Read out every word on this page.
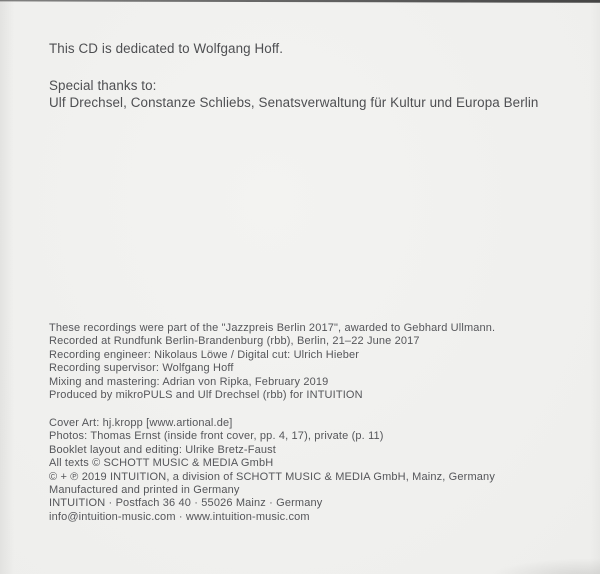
This CD is dedicated to Wolfgang Hoff.
Special thanks to:
Ulf Drechsel, Constanze Schliebs, Senatsverwaltung für Kultur und Europa Berlin
These recordings were part of the "Jazzpreis Berlin 2017", awarded to Gebhard Ullmann.
Recorded at Rundfunk Berlin-Brandenburg (rbb), Berlin, 21–22 June 2017
Recording engineer: Nikolaus Löwe / Digital cut: Ulrich Hieber
Recording supervisor: Wolfgang Hoff
Mixing and mastering: Adrian von Ripka, February 2019
Produced by mikroPULS and Ulf Drechsel (rbb) for INTUITION
Cover Art: hj.kropp [www.artional.de]
Photos: Thomas Ernst (inside front cover, pp. 4, 17), private (p. 11)
Booklet layout and editing: Ulrike Bretz-Faust
All texts © SCHOTT MUSIC & MEDIA GmbH
© + ℗ 2019 INTUITION, a division of SCHOTT MUSIC & MEDIA GmbH, Mainz, Germany
Manufactured and printed in Germany
INTUITION · Postfach 36 40 · 55026 Mainz · Germany
info@intuition-music.com · www.intuition-music.com
